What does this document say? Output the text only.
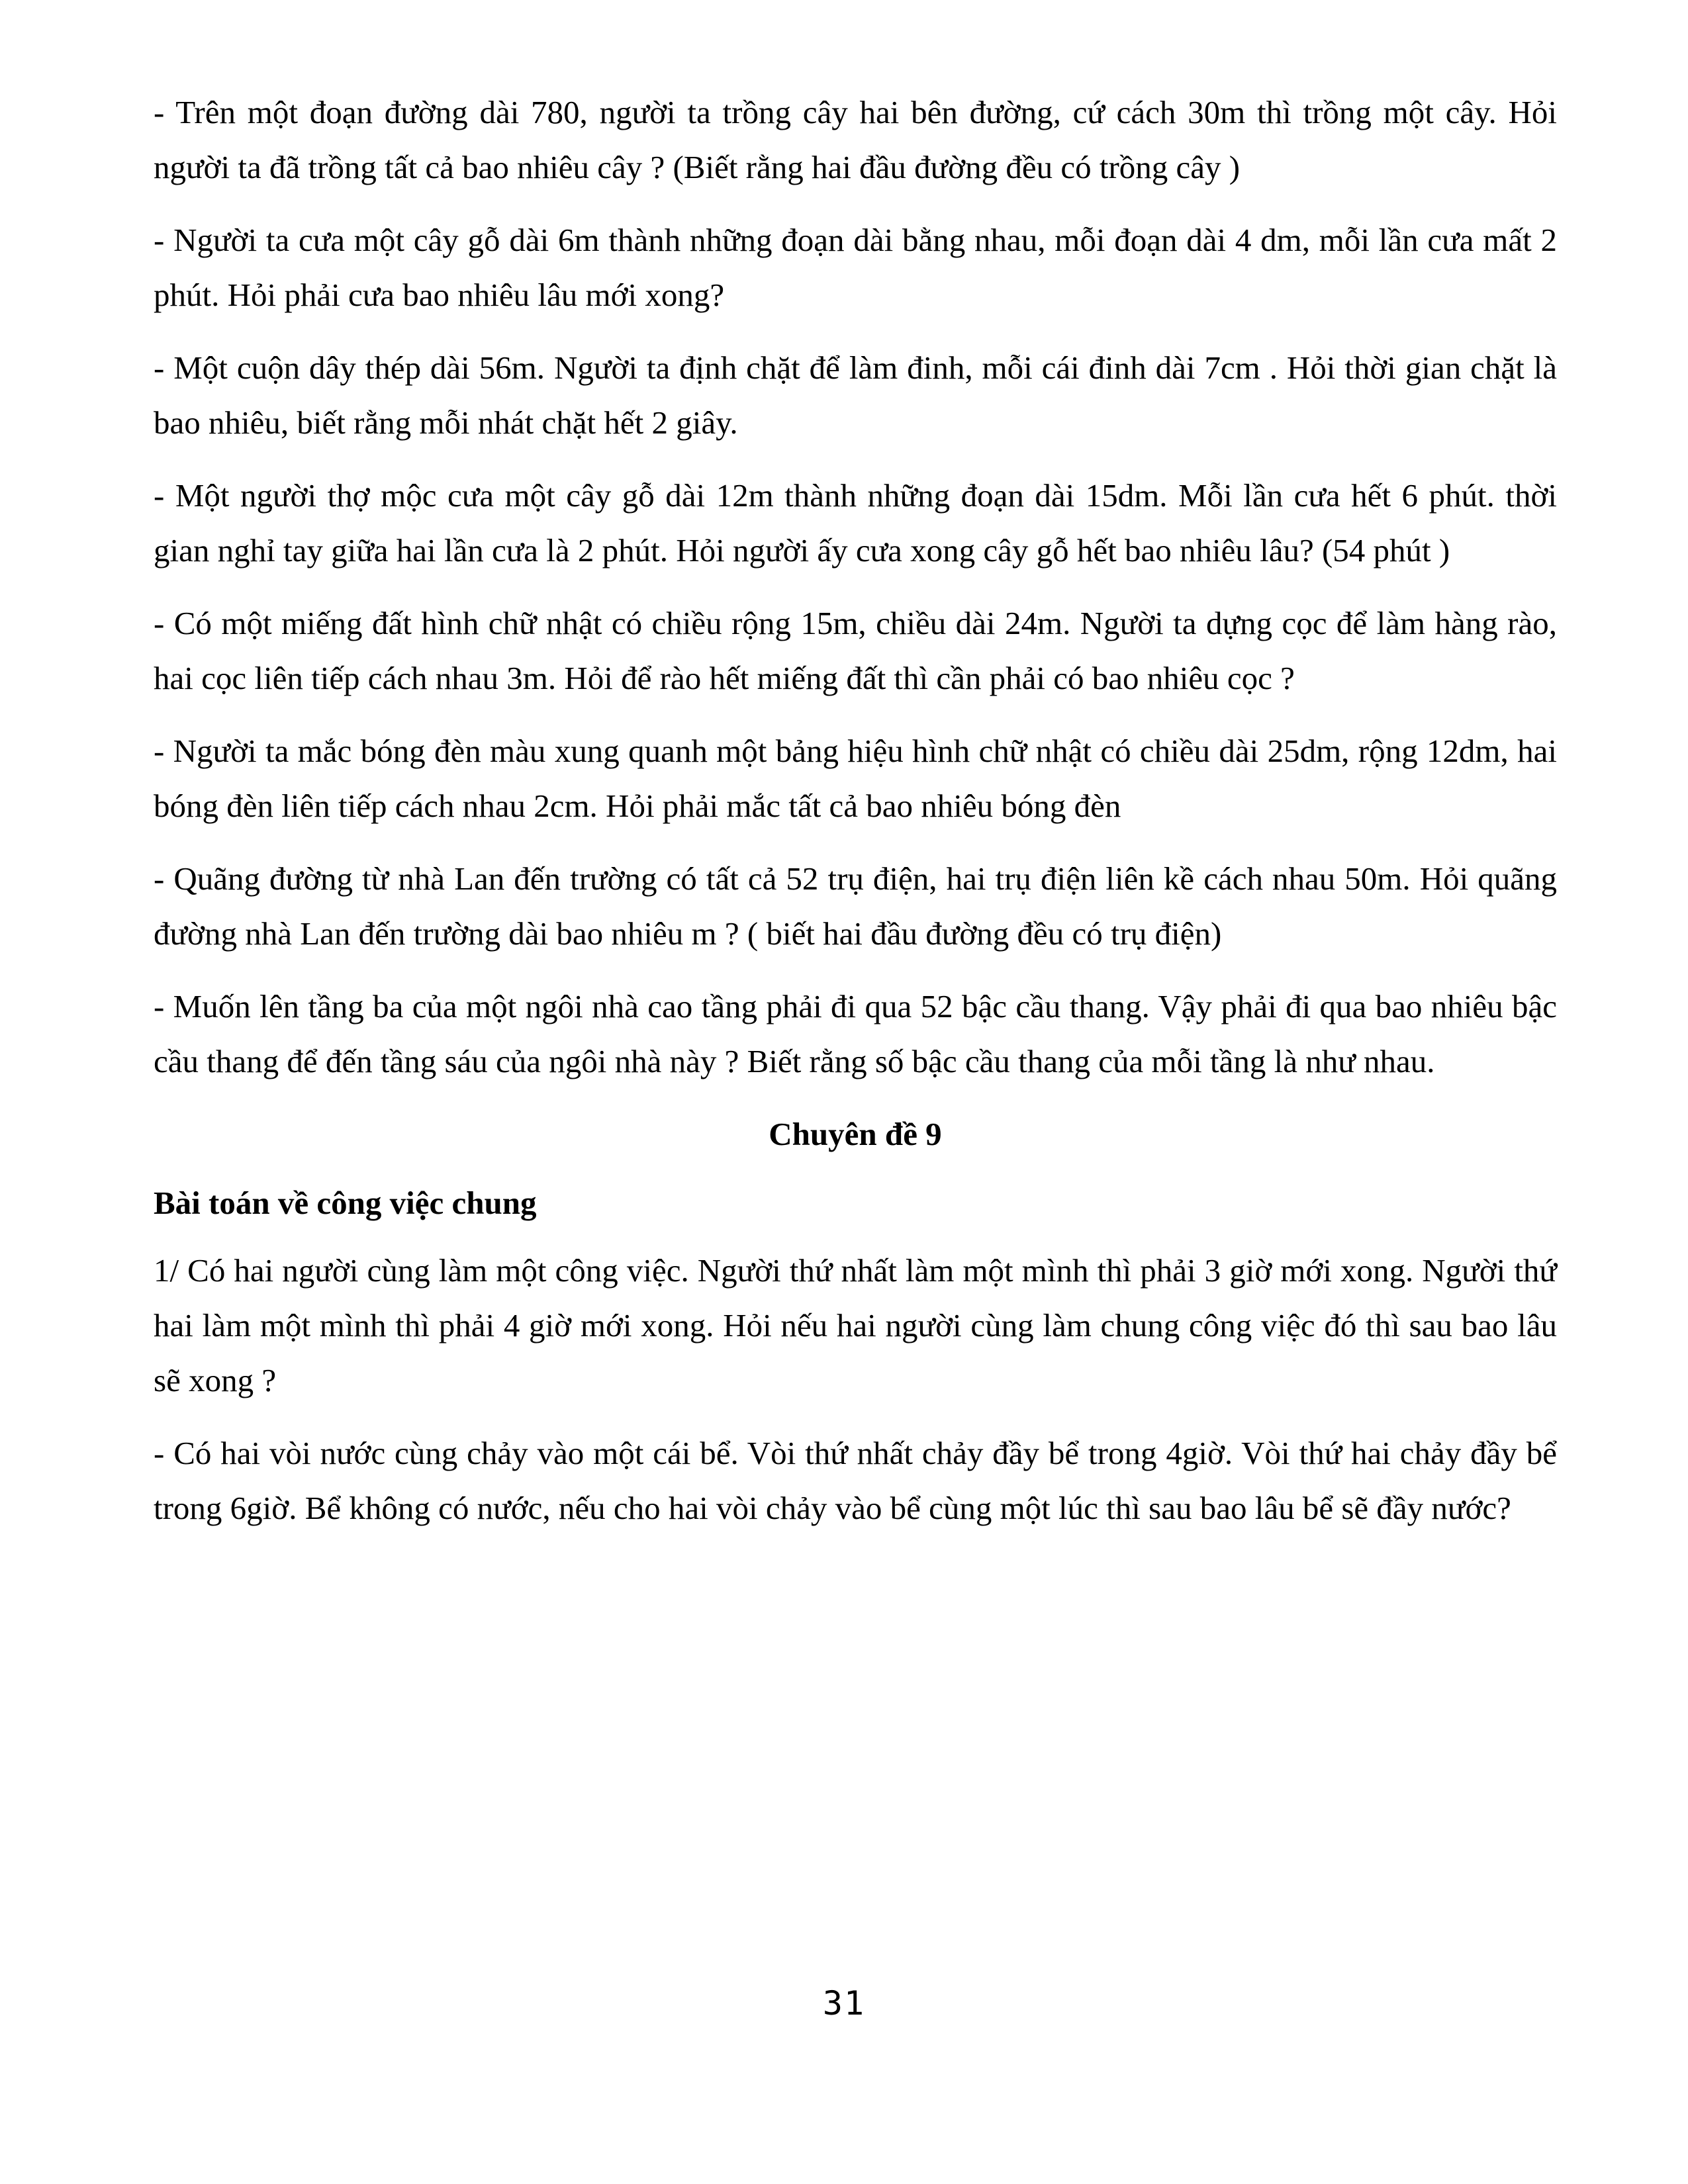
- Trên một đoạn đường dài 780, người ta trồng cây hai bên đường, cứ cách 30m thì trồng một cây. Hỏi người ta đã trồng tất cả bao nhiêu cây ? (Biết rằng hai đầu đường đều có trồng cây )

- Người ta cưa một cây gỗ dài 6m thành những đoạn dài bằng nhau, mỗi đoạn dài 4 dm, mỗi lần cưa mất 2 phút. Hỏi phải cưa bao nhiêu lâu mới xong?

- Một cuộn dây thép dài 56m. Người ta định chặt để làm đinh, mỗi cái đinh dài 7cm . Hỏi thời gian chặt là bao nhiêu, biết rằng mỗi nhát chặt hết 2 giây.

- Một người thợ mộc cưa một cây gỗ dài 12m thành những đoạn dài 15dm. Mỗi lần cưa hết 6 phút. thời gian nghỉ tay giữa hai lần cưa là 2 phút. Hỏi người ấy cưa xong cây gỗ hết bao nhiêu lâu? (54 phút )

- Có một miếng đất hình chữ nhật có chiều rộng 15m, chiều dài 24m. Người ta dựng cọc để làm hàng rào, hai cọc liên tiếp cách nhau 3m. Hỏi để rào hết miếng đất thì cần phải có bao nhiêu cọc ?

- Người ta mắc bóng đèn màu xung quanh một bảng hiệu hình chữ nhật có chiều dài 25dm, rộng 12dm, hai bóng đèn liên tiếp cách nhau 2cm. Hỏi phải mắc tất cả bao nhiêu bóng đèn

- Quãng đường từ nhà Lan đến trường có tất cả 52 trụ điện, hai trụ điện liên kề cách nhau 50m. Hỏi quãng đường nhà Lan đến trường dài bao nhiêu m ? ( biết hai đầu đường đều có trụ điện)

- Muốn lên tầng ba của một ngôi nhà cao tầng phải đi qua 52 bậc cầu thang. Vậy phải đi qua bao nhiêu bậc cầu thang để đến tầng sáu của ngôi nhà này ? Biết rằng số bậc cầu thang của mỗi tầng là như nhau.

Chuyên đề 9
Bài toán về công việc chung

1/ Có hai người cùng làm một công việc. Người thứ nhất làm một mình thì phải 3 giờ mới xong. Người thứ hai làm một mình thì phải 4 giờ mới xong. Hỏi nếu hai người cùng làm chung công việc đó thì sau bao lâu sẽ xong ?

- Có hai vòi nước cùng chảy vào một cái bể. Vòi thứ nhất chảy đầy bể trong 4giờ. Vòi thứ hai chảy đầy bể trong 6giờ. Bể không có nước, nếu cho hai vòi chảy vào bể cùng một lúc thì sau bao lâu bể sẽ đầy nước?

31
